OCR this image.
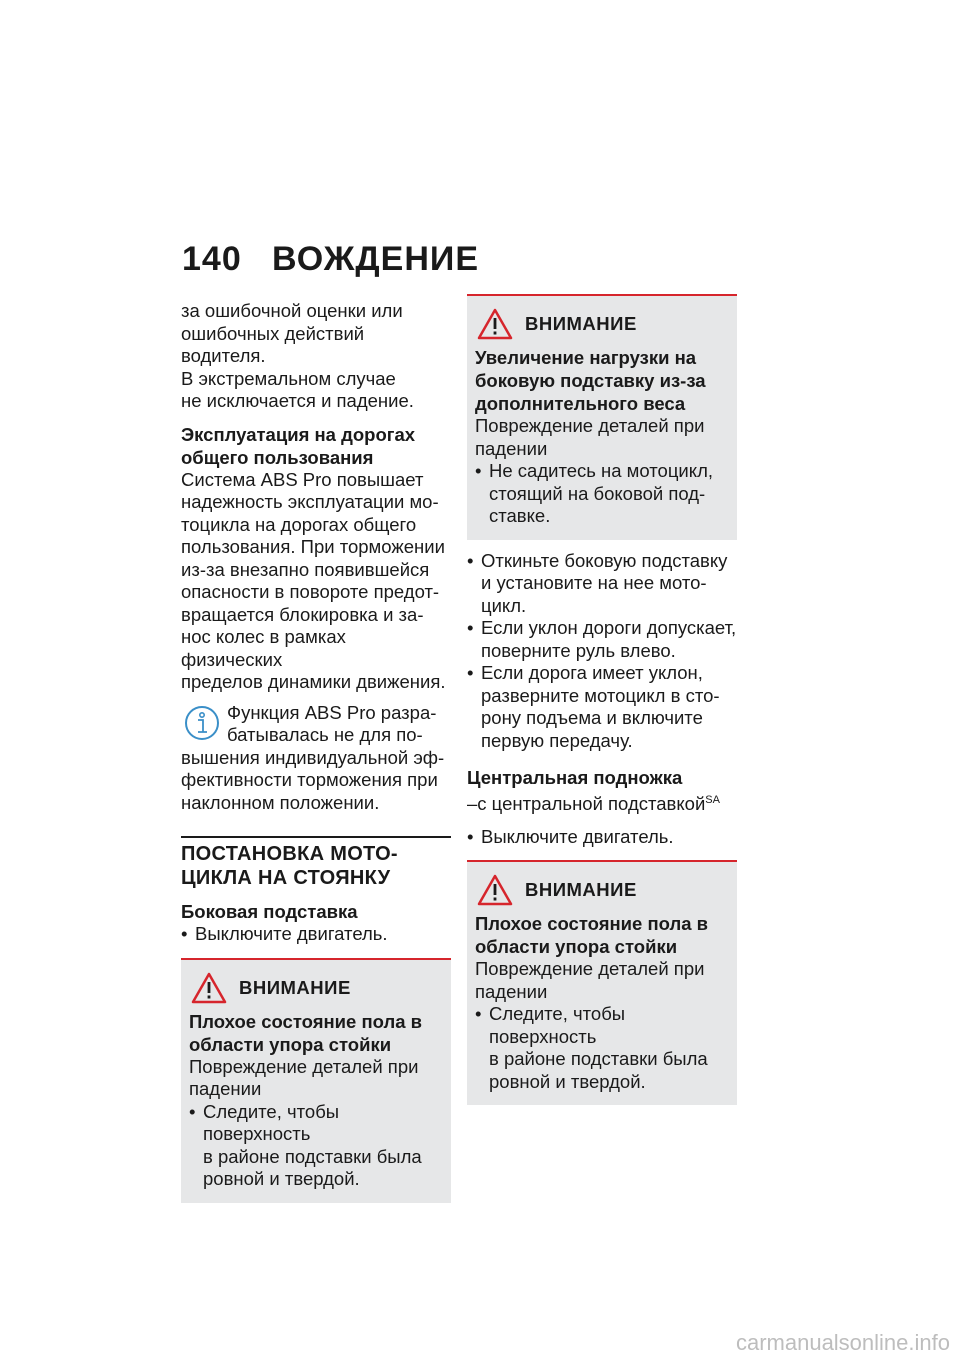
140 ВОЖДЕНИЕ

за ошибочной оценки или

ошибочных действий водителя.

В экстремальном случае

не исключается и падение.

Эксплуатация на дорогах

общего пользования

Система ABS Pro повышает

надежность эксплуатации мо-

тоцикла на дорогах общего

пользования. При торможении

из-за внезапно появившейся

опасности в повороте предот-

вращается блокировка и за-

нос колес в рамках физических

пределов динамики движения.

Функция ABS Pro разра-

батывалась не для по-

вышения индивидуальной эф-

фективности торможения при

наклонном положении.

ПОСТАНОВКА МОТО-

ЦИКЛА НА СТОЯНКУ

Боковая подставка
• Выключите двигатель.
ВНИМАНИЕ

Плохое состояние пола в

области упора стойки

Повреждение деталей при

падении

• Следите, чтобы поверхность

в районе подставки была

ровной и твердой.

ВНИМАНИЕ

Увеличение нагрузки на

боковую подставку из-за

дополнительного веса

Повреждение деталей при

падении

• Не садитесь на мотоцикл,

стоящий на боковой под-

ставке.

• Откиньте боковую подставку

и установите на нее мото-

цикл.

• Если уклон дороги допускает,

поверните руль влево.

• Если дорога имеет уклон,

разверните мотоцикл в сто-

рону подъема и включите

первую передачу.

Центральная подножка
–с центральной подставкой$^{SA}$
• Выключите двигатель.
ВНИМАНИЕ

Плохое состояние пола в

области упора стойки

Повреждение деталей при

падении

• Следите, чтобы поверхность

в районе подставки была

ровной и твердой.

carmanualsonline.info
